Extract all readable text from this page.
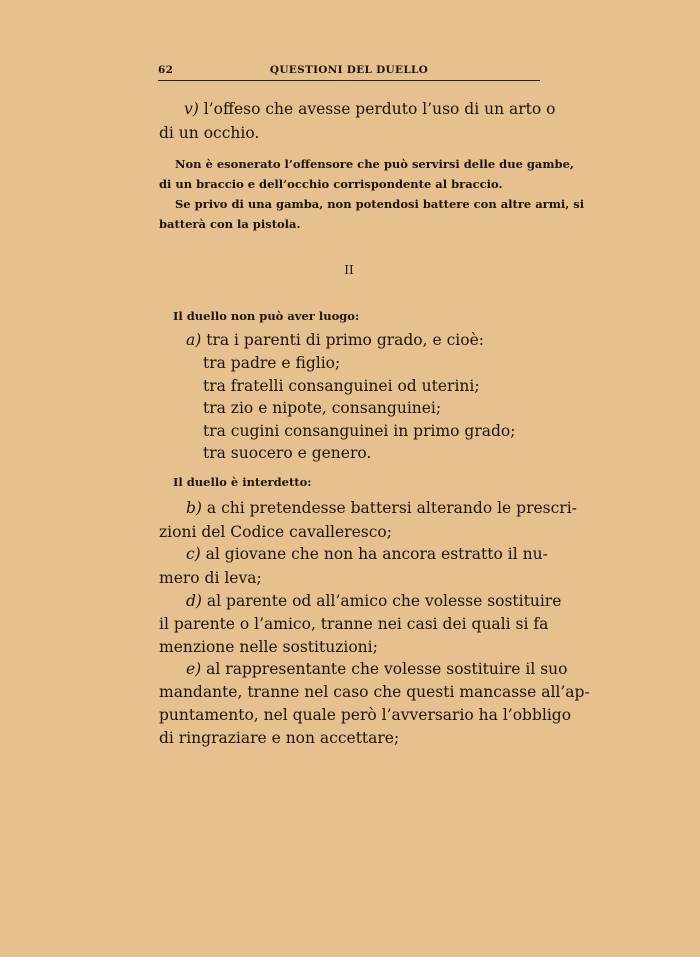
62	QUESTIONI DEL DUELLO
v) l’offeso che avesse perduto l’uso di un arto o
di un occhio.
Non è esonerato l’offensore che può servirsi delle due gambe,
di un braccio e dell’occhio corrispondente al braccio.
Se privo di una gamba, non potendosi battere con altre armi, si
batterà con la pistola.
II
Il duello non può aver luogo:
a) tra i parenti di primo grado, e cioè:
tra padre e figlio;
tra fratelli consanguinei od uterini;
tra zio e nipote, consanguinei;
tra cugini consanguinei in primo grado;
tra suocero e genero.
Il duello è interdetto:
b) a chi pretendesse battersi alterando le prescri-
zioni del Codice cavalleresco;
c) al giovane che non ha ancora estratto il nu-
mero di leva;
d) al parente od all’amico che volesse sostituire
il parente o l’amico, tranne nei casi dei quali si fa
menzione nelle sostituzioni;
e) al rappresentante che volesse sostituire il suo
mandante, tranne nel caso che questi mancasse all’ap-
puntamento, nel quale però l’avversario ha l’obbligo
di ringraziare e non accettare;
